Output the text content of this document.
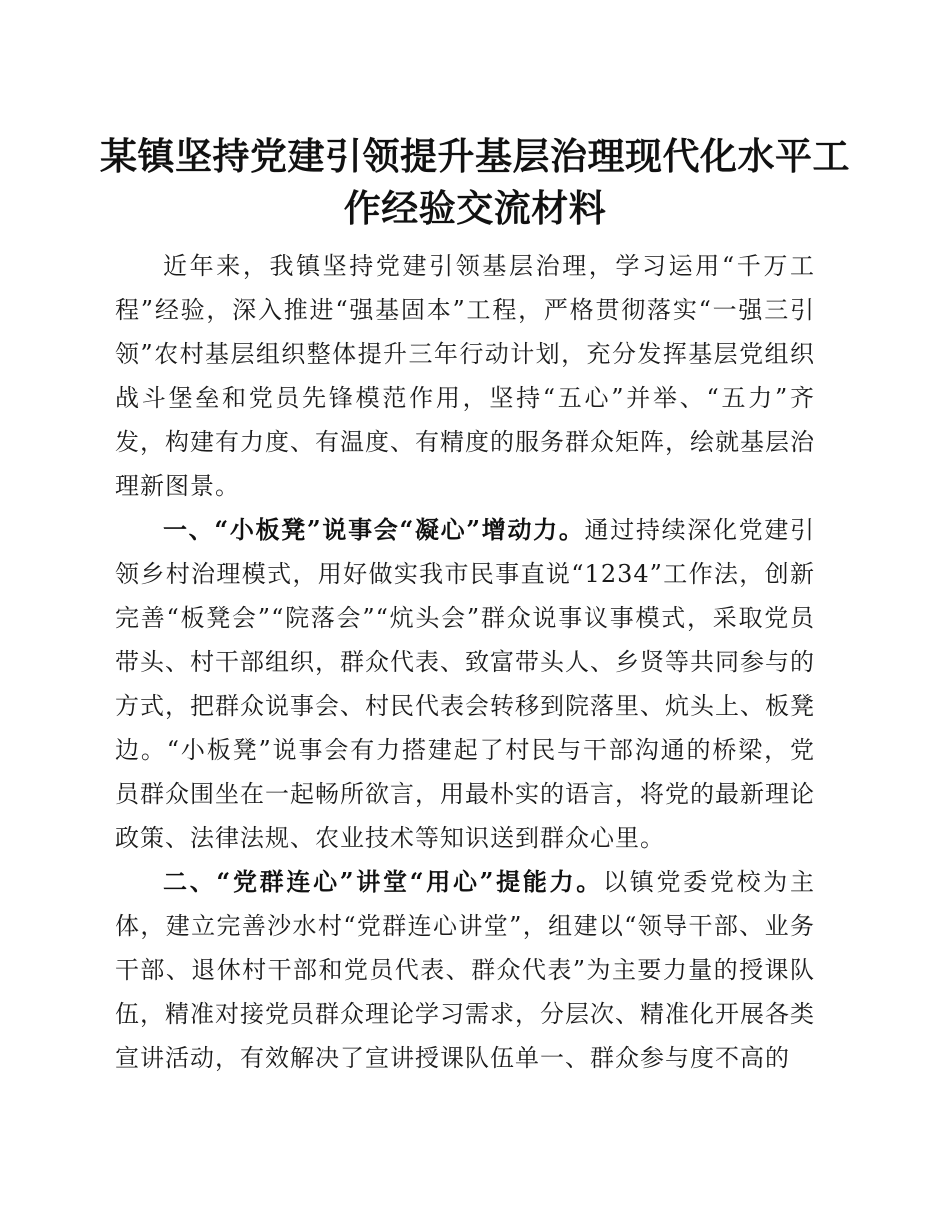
某镇坚持党建引领提升基层治理现代化水平工作经验交流材料

近年来，我镇坚持党建引领基层治理，学习运用“千万工程”经验，深入推进“强基固本”工程，严格贯彻落实“一强三引领”农村基层组织整体提升三年行动计划，充分发挥基层党组织战斗堡垒和党员先锋模范作用，坚持“五心”并举、“五力”齐发，构建有力度、有温度、有精度的服务群众矩阵，绘就基层治理新图景。

一、“小板凳”说事会“凝心”增动力。通过持续深化党建引领乡村治理模式，用好做实我市民事直说“1234”工作法，创新完善“板凳会”“院落会”“炕头会”群众说事议事模式，采取党员带头、村干部组织，群众代表、致富带头人、乡贤等共同参与的方式，把群众说事会、村民代表会转移到院落里、炕头上、板凳边。“小板凳”说事会有力搭建起了村民与干部沟通的桥梁，党员群众围坐在一起畅所欲言，用最朴实的语言，将党的最新理论政策、法律法规、农业技术等知识送到群众心里。

二、“党群连心”讲堂“用心”提能力。以镇党委党校为主体，建立完善沙水村“党群连心讲堂”，组建以“领导干部、业务干部、退休村干部和党员代表、群众代表”为主要力量的授课队伍，精准对接党员群众理论学习需求，分层次、精准化开展各类宣讲活动，有效解决了宣讲授课队伍单一、群众参与度不高的
